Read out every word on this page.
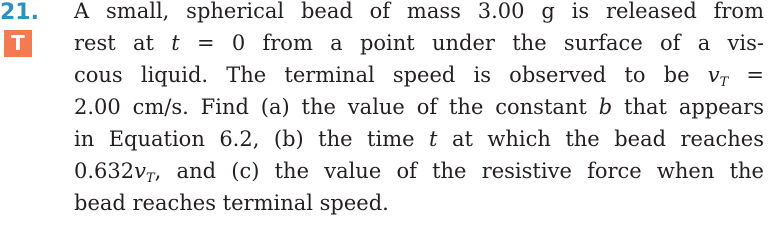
21.
T
A small, spherical bead of mass 3.00 g is released from
rest at t = 0 from a point under the surface of a vis-
cous liquid. The terminal speed is observed to be $v_T$ =
2.00 cm/s. Find (a) the value of the constant b that appears
in Equation 6.2, (b) the time t at which the bead reaches
$0.632v_T$, and (c) the value of the resistive force when the
bead reaches terminal speed.
